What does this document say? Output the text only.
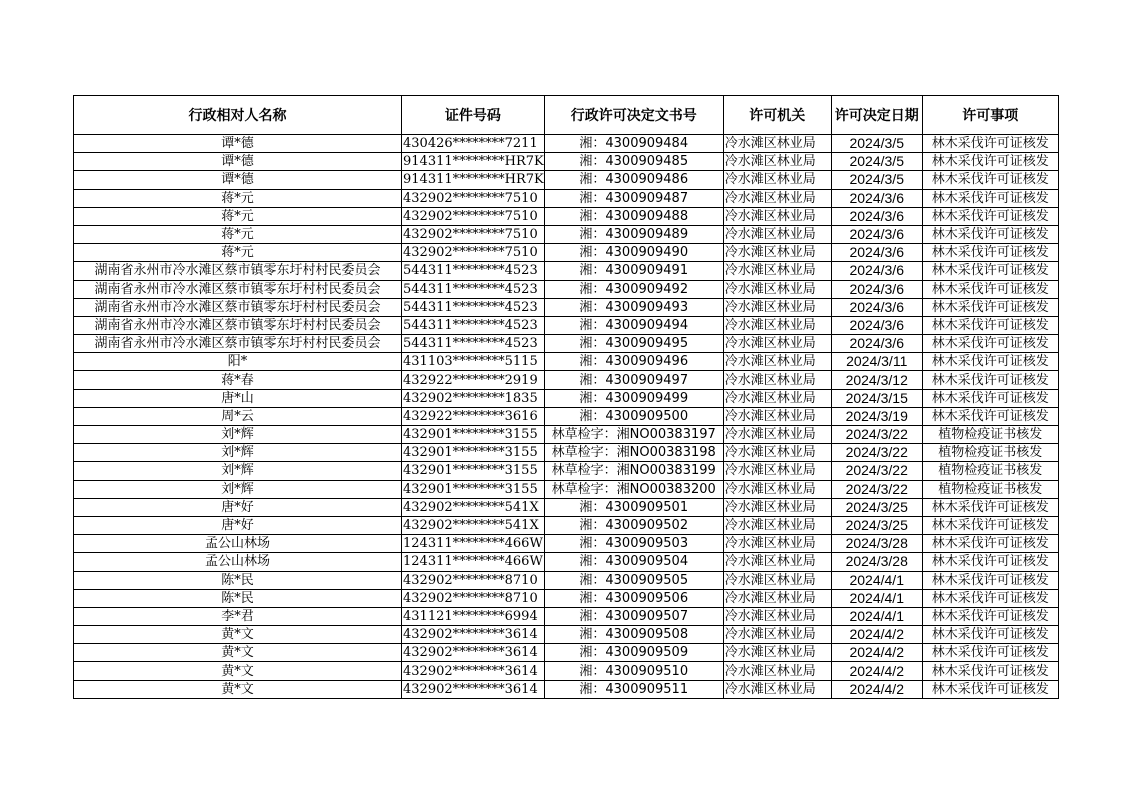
行政相对人名称	证件号码	行政许可决定文书号	许可机关	许可决定日期	许可事项
谭*德	430426********7211	湘：4300909484	冷水滩区林业局	2024/3/5	林木采伐许可证核发
谭*德	914311********HR7K	湘：4300909485	冷水滩区林业局	2024/3/5	林木采伐许可证核发
谭*德	914311********HR7K	湘：4300909486	冷水滩区林业局	2024/3/5	林木采伐许可证核发
蒋*元	432902********7510	湘：4300909487	冷水滩区林业局	2024/3/6	林木采伐许可证核发
蒋*元	432902********7510	湘：4300909488	冷水滩区林业局	2024/3/6	林木采伐许可证核发
蒋*元	432902********7510	湘：4300909489	冷水滩区林业局	2024/3/6	林木采伐许可证核发
蒋*元	432902********7510	湘：4300909490	冷水滩区林业局	2024/3/6	林木采伐许可证核发
湖南省永州市冷水滩区蔡市镇零东圩村村民委员会	544311********4523	湘：4300909491	冷水滩区林业局	2024/3/6	林木采伐许可证核发
湖南省永州市冷水滩区蔡市镇零东圩村村民委员会	544311********4523	湘：4300909492	冷水滩区林业局	2024/3/6	林木采伐许可证核发
湖南省永州市冷水滩区蔡市镇零东圩村村民委员会	544311********4523	湘：4300909493	冷水滩区林业局	2024/3/6	林木采伐许可证核发
湖南省永州市冷水滩区蔡市镇零东圩村村民委员会	544311********4523	湘：4300909494	冷水滩区林业局	2024/3/6	林木采伐许可证核发
湖南省永州市冷水滩区蔡市镇零东圩村村民委员会	544311********4523	湘：4300909495	冷水滩区林业局	2024/3/6	林木采伐许可证核发
阳*	431103********5115	湘：4300909496	冷水滩区林业局	2024/3/11	林木采伐许可证核发
蒋*春	432922********2919	湘：4300909497	冷水滩区林业局	2024/3/12	林木采伐许可证核发
唐*山	432902********1835	湘：4300909499	冷水滩区林业局	2024/3/15	林木采伐许可证核发
周*云	432922********3616	湘：4300909500	冷水滩区林业局	2024/3/19	林木采伐许可证核发
刘*辉	432901********3155	林草检字：湘NO00383197	冷水滩区林业局	2024/3/22	植物检疫证书核发
刘*辉	432901********3155	林草检字：湘NO00383198	冷水滩区林业局	2024/3/22	植物检疫证书核发
刘*辉	432901********3155	林草检字：湘NO00383199	冷水滩区林业局	2024/3/22	植物检疫证书核发
刘*辉	432901********3155	林草检字：湘NO00383200	冷水滩区林业局	2024/3/22	植物检疫证书核发
唐*好	432902********541X	湘：4300909501	冷水滩区林业局	2024/3/25	林木采伐许可证核发
唐*好	432902********541X	湘：4300909502	冷水滩区林业局	2024/3/25	林木采伐许可证核发
孟公山林场	124311********466W	湘：4300909503	冷水滩区林业局	2024/3/28	林木采伐许可证核发
孟公山林场	124311********466W	湘：4300909504	冷水滩区林业局	2024/3/28	林木采伐许可证核发
陈*民	432902********8710	湘：4300909505	冷水滩区林业局	2024/4/1	林木采伐许可证核发
陈*民	432902********8710	湘：4300909506	冷水滩区林业局	2024/4/1	林木采伐许可证核发
李*君	431121********6994	湘：4300909507	冷水滩区林业局	2024/4/1	林木采伐许可证核发
黄*文	432902********3614	湘：4300909508	冷水滩区林业局	2024/4/2	林木采伐许可证核发
黄*文	432902********3614	湘：4300909509	冷水滩区林业局	2024/4/2	林木采伐许可证核发
黄*文	432902********3614	湘：4300909510	冷水滩区林业局	2024/4/2	林木采伐许可证核发
黄*文	432902********3614	湘：4300909511	冷水滩区林业局	2024/4/2	林木采伐许可证核发
